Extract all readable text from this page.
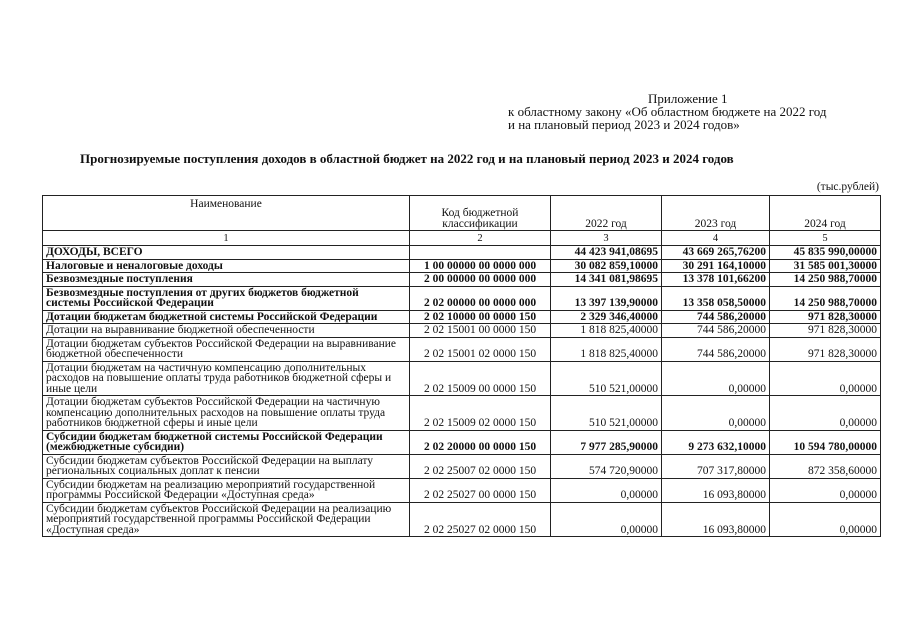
Приложение 1
к областному закону «Об областном бюджете на 2022 год
и на плановый период 2023 и 2024 годов»
Прогнозируемые поступления доходов в областной бюджет на 2022 год и на плановый период 2023 и 2024 годов
(тыс.рублей)
Наименование	Код бюджетной классификации	2022 год	2023 год	2024 год
1	2	3	4	5
ДОХОДЫ, ВСЕГО		44 423 941,08695	43 669 265,76200	45 835 990,00000
Налоговые и неналоговые доходы	1 00 00000 00 0000 000	30 082 859,10000	30 291 164,10000	31 585 001,30000
Безвозмездные поступления	2 00 00000 00 0000 000	14 341 081,98695	13 378 101,66200	14 250 988,70000
Безвозмездные поступления от других бюджетов бюджетной системы Российской Федерации	2 02 00000 00 0000 000	13 397 139,90000	13 358 058,50000	14 250 988,70000
Дотации бюджетам бюджетной системы Российской Федерации	2 02 10000 00 0000 150	2 329 346,40000	744 586,20000	971 828,30000
Дотации на выравнивание бюджетной обеспеченности	2 02 15001 00 0000 150	1 818 825,40000	744 586,20000	971 828,30000
Дотации бюджетам субъектов Российской Федерации на выравнивание бюджетной обеспеченности	2 02 15001 02 0000 150	1 818 825,40000	744 586,20000	971 828,30000
Дотации бюджетам на частичную компенсацию дополнительных расходов на повышение оплаты труда работников бюджетной сферы и иные цели	2 02 15009 00 0000 150	510 521,00000	0,00000	0,00000
Дотации бюджетам субъектов Российской Федерации на частичную компенсацию дополнительных расходов на повышение оплаты труда работников бюджетной сферы и иные цели	2 02 15009 02 0000 150	510 521,00000	0,00000	0,00000
Субсидии бюджетам бюджетной системы Российской Федерации (межбюджетные субсидии)	2 02 20000 00 0000 150	7 977 285,90000	9 273 632,10000	10 594 780,00000
Субсидии бюджетам субъектов Российской Федерации на выплату региональных социальных доплат к пенсии	2 02 25007 02 0000 150	574 720,90000	707 317,80000	872 358,60000
Субсидии бюджетам на реализацию мероприятий государственной программы Российской Федерации «Доступная среда»	2 02 25027 00 0000 150	0,00000	16 093,80000	0,00000
Субсидии бюджетам субъектов Российской Федерации на реализацию мероприятий государственной программы Российской Федерации «Доступная среда»	2 02 25027 02 0000 150	0,00000	16 093,80000	0,00000
